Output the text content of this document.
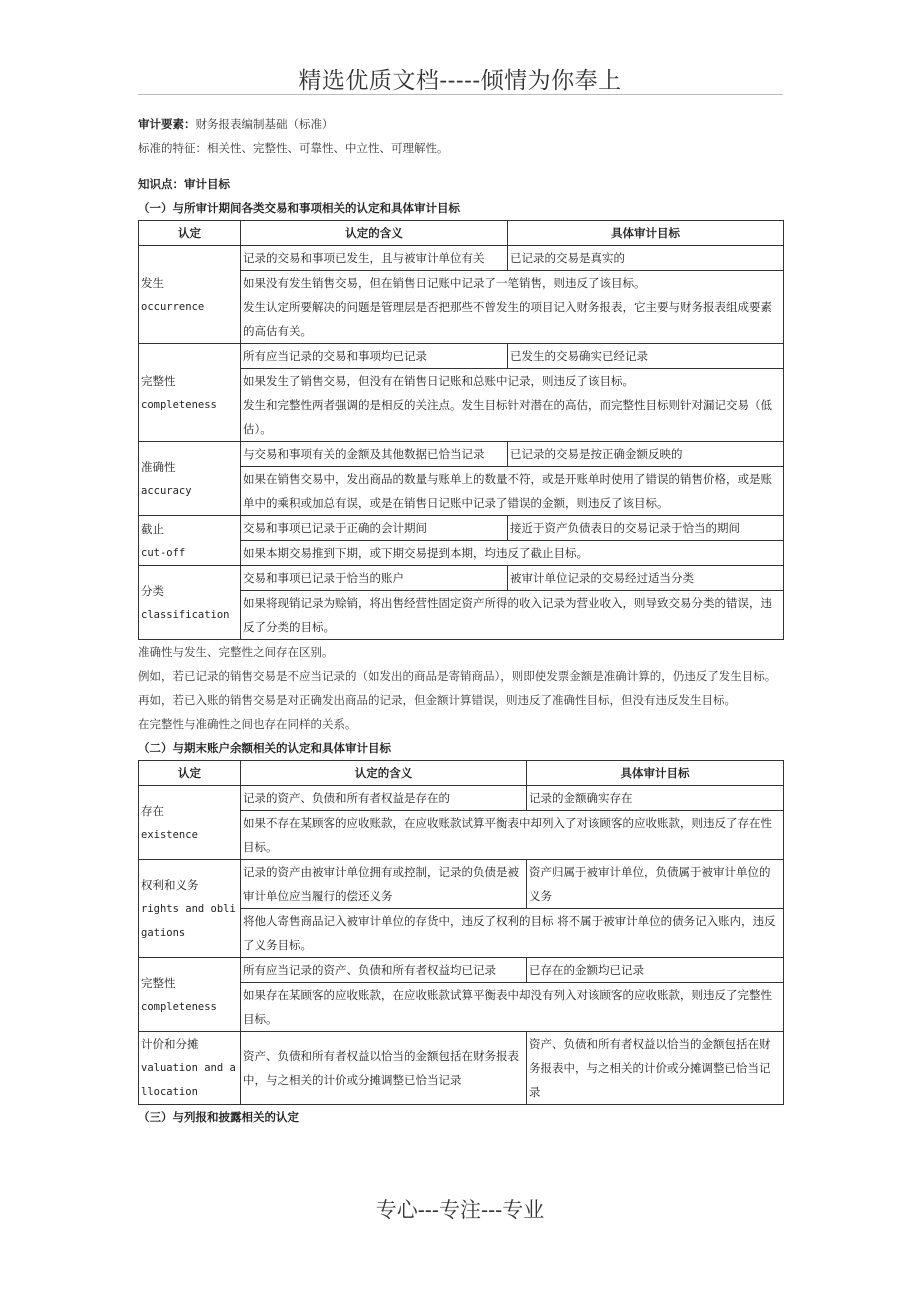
精选优质文档-----倾情为你奉上
审计要素：财务报表编制基础（标准）
标准的特征：相关性、完整性、可靠性、中立性、可理解性。
知识点：审计目标
（一）与所审计期间各类交易和事项相关的认定和具体审计目标
认定	认定的含义	具体审计目标

发生
occurrence	记录的交易和事项已发生，且与被审计单位有关	已记录的交易是真实的

	如果没有发生销售交易，但在销售日记账中记录了一笔销售，则违反了该目标。
发生认定所要解决的问题是管理层是否把那些不曾发生的项目记入财务报表，它主要与财务报表组成要素的高估有关。	

完整性
completeness	所有应当记录的交易和事项均已记录	已发生的交易确实已经记录

	如果发生了销售交易，但没有在销售日记账和总账中记录，则违反了该目标。
发生和完整性两者强调的是相反的关注点。发生目标针对潜在的高估，而完整性目标则针对漏记交易（低估）。	

准确性
accuracy	与交易和事项有关的金额及其他数据已恰当记录	已记录的交易是按正确金额反映的
	如果在销售交易中，发出商品的数量与账单上的数量不符，或是开账单时使用了错误的销售价格，或是账单中的乘积或加总有误，或是在销售日记账中记录了错误的金额，则违反了该目标。	

截止
cut-off	交易和事项已记录于正确的会计期间	接近于资产负债表日的交易记录于恰当的期间
	如果本期交易推到下期，或下期交易提到本期，均违反了截止目标。	

分类
classification	交易和事项已记录于恰当的账户	被审计单位记录的交易经过适当分类
	如果将现销记录为赊销，将出售经营性固定资产所得的收入记录为营业收入，则导致交易分类的错误，违反了分类的目标。	
准确性与发生、完整性之间存在区别。
例如，若已记录的销售交易是不应当记录的（如发出的商品是寄销商品），则即使发票金额是准确计算的，仍违反了发生目标。
再如，若已入账的销售交易是对正确发出商品的记录，但金额计算错误，则违反了准确性目标，但没有违反发生目标。
在完整性与准确性之间也存在同样的关系。
（二）与期末账户余额相关的认定和具体审计目标
认定	认定的含义	具体审计目标

存在
existence	记录的资产、负债和所有者权益是存在的	记录的金额确实存在
	如果不存在某顾客的应收账款，在应收账款试算平衡表中却列入了对该顾客的应收账款，则违反了存在性目标。	

权利和义务
rights and obligations	记录的资产由被审计单位拥有或控制，记录的负债是被审计单位应当履行的偿还义务	资产归属于被审计单位，负债属于被审计单位的义务
	将他人寄售商品记入被审计单位的存货中，违反了权利的目标 将不属于被审计单位的债务记入账内，违反了义务目标。	

完整性
completeness	所有应当记录的资产、负债和所有者权益均已记录	已存在的金额均已记录
	如果存在某顾客的应收账款，在应收账款试算平衡表中却没有列入对该顾客的应收账款，则违反了完整性目标。	

计价和分摊
valuation and allocation	资产、负债和所有者权益以恰当的金额包括在财务报表中，与之相关的计价或分摊调整已恰当记录	资产、负债和所有者权益以恰当的金额包括在财务报表中，与之相关的计价或分摊调整已恰当记录
（三）与列报和披露相关的认定
专心---专注---专业
